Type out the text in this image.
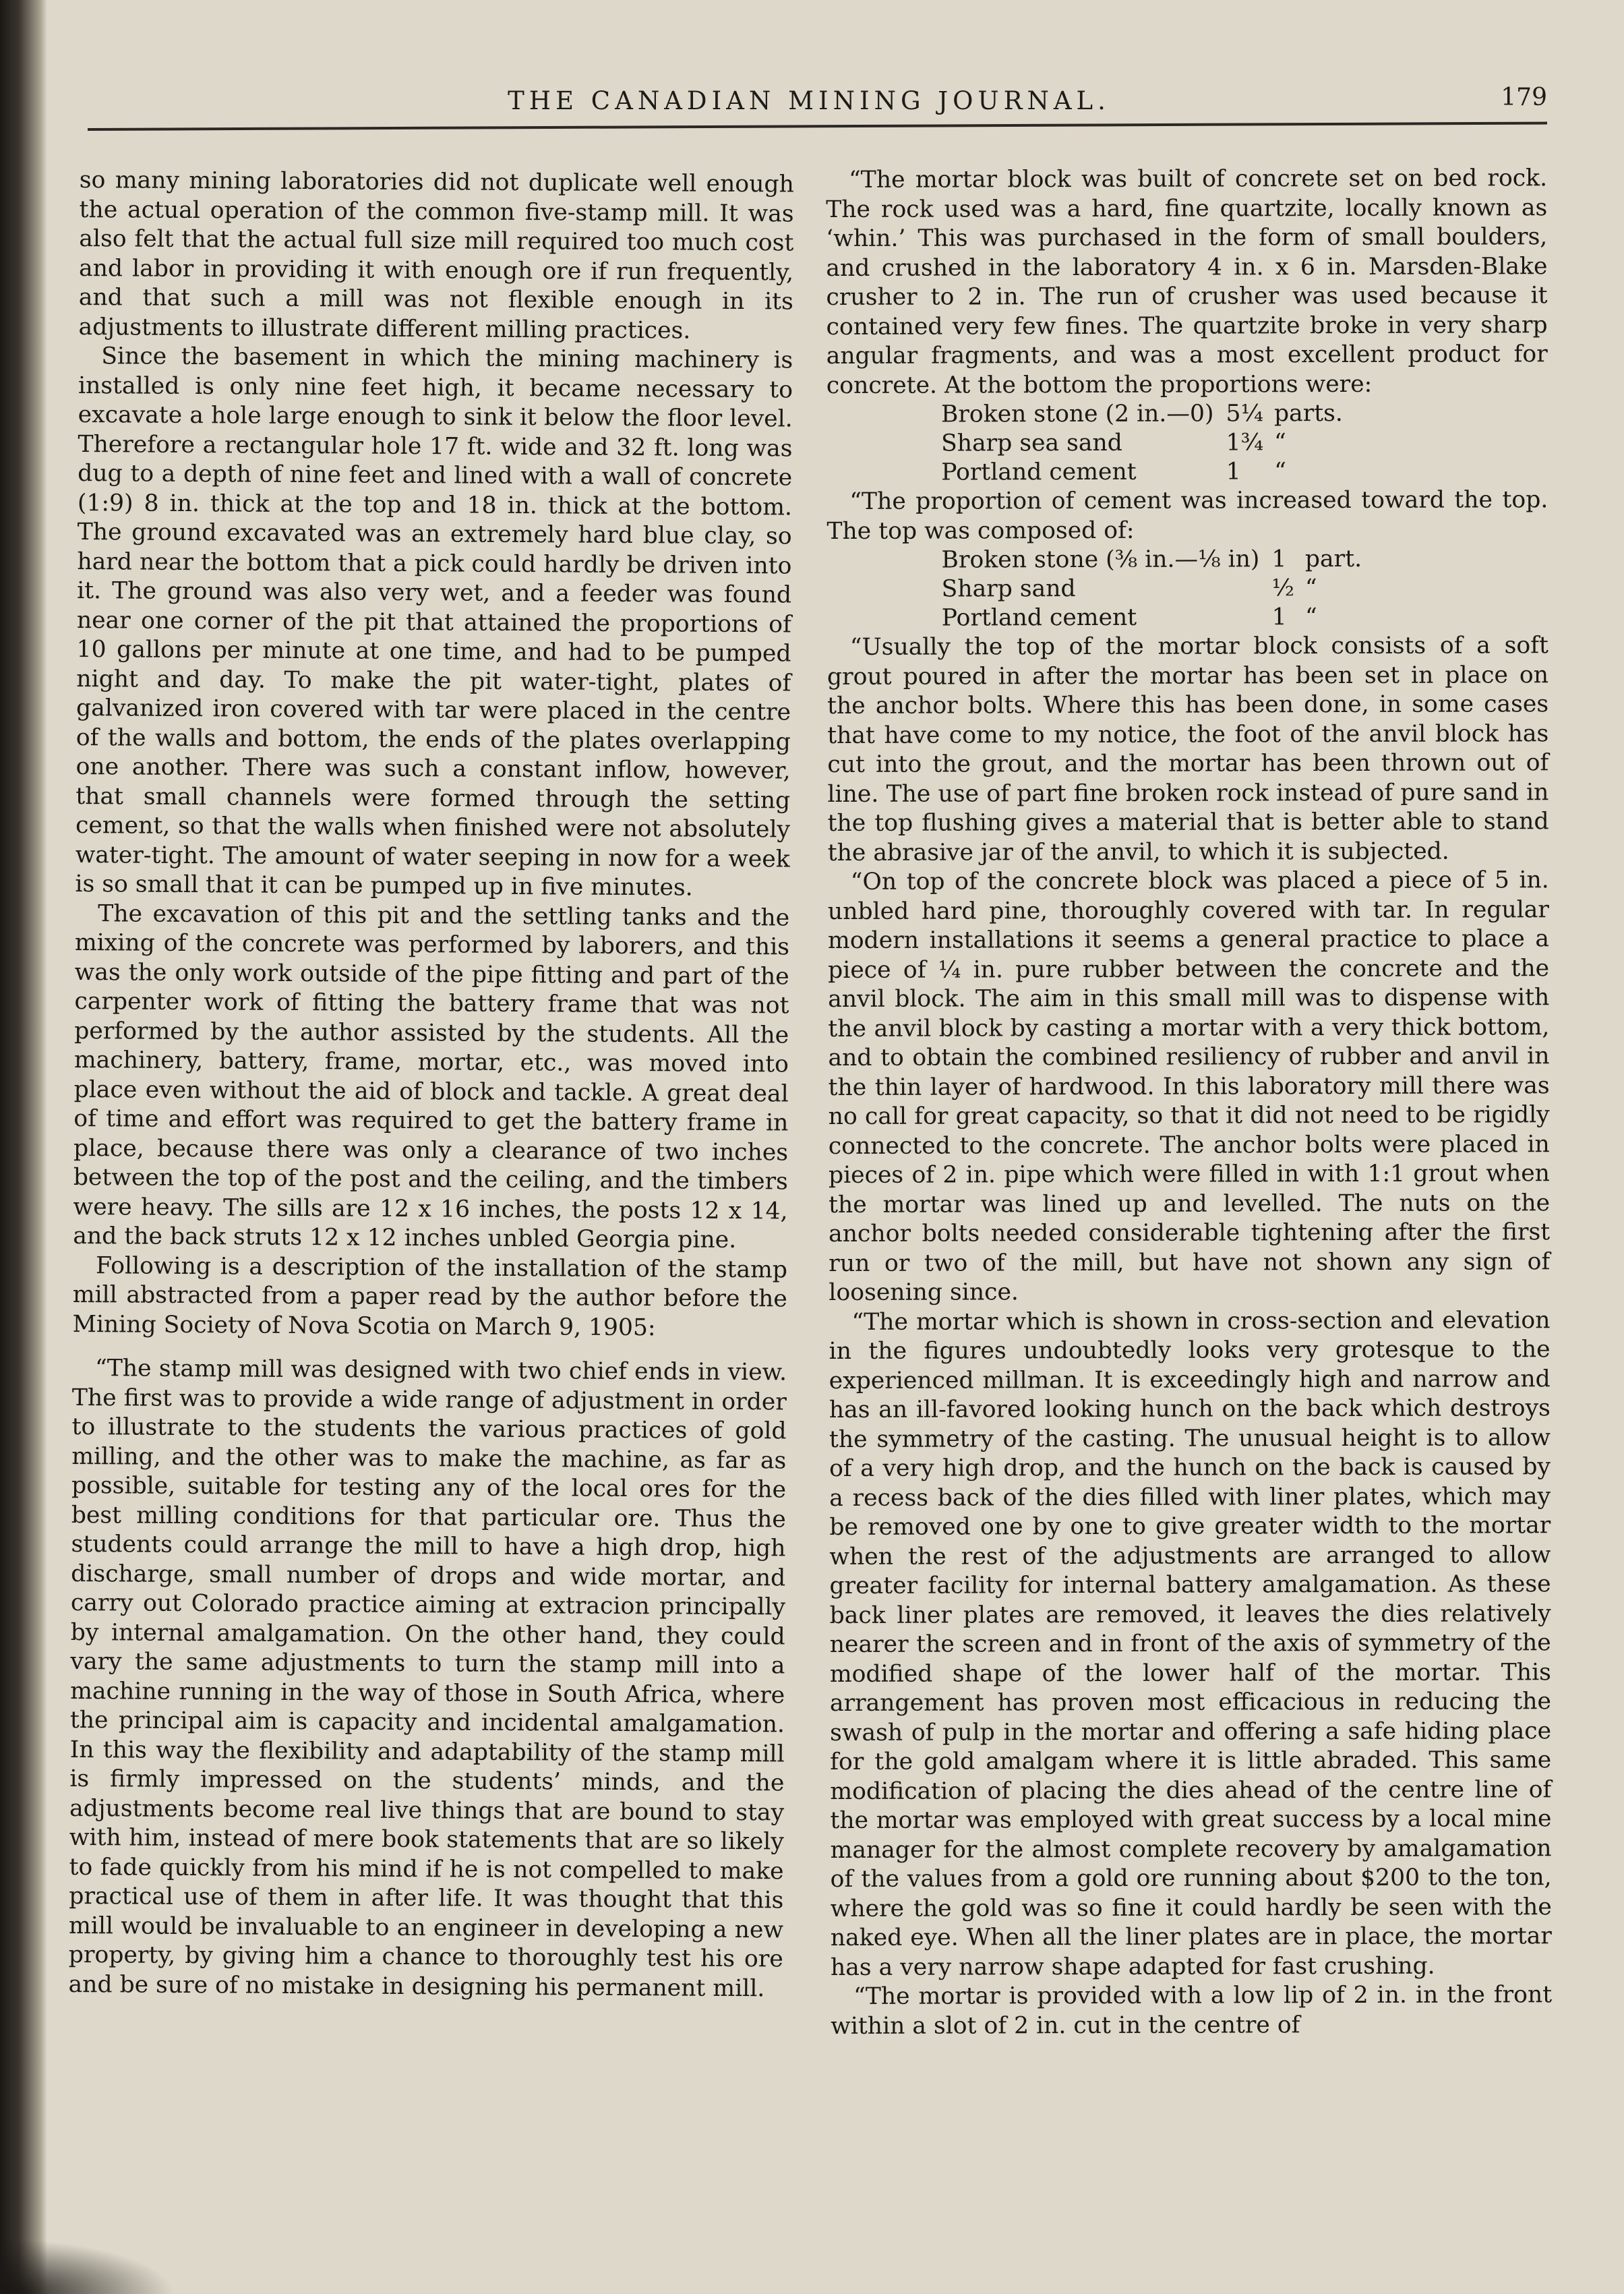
THE CANADIAN MINING JOURNAL.	179

so many mining laboratories did not duplicate well enough the actual operation of the common five-stamp mill. It was also felt that the actual full size mill required too much cost and labor in providing it with enough ore if run frequently, and that such a mill was not flexible enough in its adjustments to illustrate different milling practices.

Since the basement in which the mining machinery is installed is only nine feet high, it became necessary to excavate a hole large enough to sink it below the floor level. Therefore a rectangular hole 17 ft. wide and 32 ft. long was dug to a depth of nine feet and lined with a wall of concrete (1:9) 8 in. thick at the top and 18 in. thick at the bottom. The ground excavated was an extremely hard blue clay, so hard near the bottom that a pick could hardly be driven into it. The ground was also very wet, and a feeder was found near one corner of the pit that attained the proportions of 10 gallons per minute at one time, and had to be pumped night and day. To make the pit water-tight, plates of galvanized iron covered with tar were placed in the centre of the walls and bottom, the ends of the plates overlapping one another. There was such a constant inflow, however, that small channels were formed through the setting cement, so that the walls when finished were not absolutely water-tight. The amount of water seeping in now for a week is so small that it can be pumped up in five minutes.

The excavation of this pit and the settling tanks and the mixing of the concrete was performed by laborers, and this was the only work outside of the pipe fitting and part of the carpenter work of fitting the battery frame that was not performed by the author assisted by the students. All the machinery, battery, frame, mortar, etc., was moved into place even without the aid of block and tackle. A great deal of time and effort was required to get the battery frame in place, because there was only a clearance of two inches between the top of the post and the ceiling, and the timbers were heavy. The sills are 12 x 16 inches, the posts 12 x 14, and the back struts 12 x 12 inches unbled Georgia pine.

Following is a description of the installation of the stamp mill abstracted from a paper read by the author before the Mining Society of Nova Scotia on March 9, 1905:

“The stamp mill was designed with two chief ends in view. The first was to provide a wide range of adjustment in order to illustrate to the students the various practices of gold milling, and the other was to make the machine, as far as possible, suitable for testing any of the local ores for the best milling conditions for that particular ore. Thus the students could arrange the mill to have a high drop, high discharge, small number of drops and wide mortar, and carry out Colorado practice aiming at extracion principally by internal amalgamation. On the other hand, they could vary the same adjustments to turn the stamp mill into a machine running in the way of those in South Africa, where the principal aim is capacity and incidental amalgamation. In this way the flexibility and adaptability of the stamp mill is firmly impressed on the students’ minds, and the adjustments become real live things that are bound to stay with him, instead of mere book statements that are so likely to fade quickly from his mind if he is not compelled to make practical use of them in after life. It was thought that this mill would be invaluable to an engineer in developing a new property, by giving him a chance to thoroughly test his ore and be sure of no mistake in designing his permanent mill.

“The mortar block was built of concrete set on bed rock. The rock used was a hard, fine quartzite, locally known as ‘whin.’ This was purchased in the form of small boulders, and crushed in the laboratory 4 in. x 6 in. Marsden-Blake crusher to 2 in. The run of crusher was used because it contained very few fines. The quartzite broke in very sharp angular fragments, and was a most excellent product for concrete. At the bottom the proportions were:

Broken stone (2 in.—0)	5¼	parts.
Sharp sea sand	1¾	“
Portland cement	1	“

“The proportion of cement was increased toward the top. The top was composed of:

Broken stone (⅜ in.—⅛ in)	1	part.
Sharp sand	½	“
Portland cement	1	“

“Usually the top of the mortar block consists of a soft grout poured in after the mortar has been set in place on the anchor bolts. Where this has been done, in some cases that have come to my notice, the foot of the anvil block has cut into the grout, and the mortar has been thrown out of line. The use of part fine broken rock instead of pure sand in the top flushing gives a material that is better able to stand the abrasive jar of the anvil, to which it is subjected.

“On top of the concrete block was placed a piece of 5 in. unbled hard pine, thoroughly covered with tar. In regular modern installations it seems a general practice to place a piece of ¼ in. pure rubber between the concrete and the anvil block. The aim in this small mill was to dispense with the anvil block by casting a mortar with a very thick bottom, and to obtain the combined resiliency of rubber and anvil in the thin layer of hardwood. In this laboratory mill there was no call for great capacity, so that it did not need to be rigidly connected to the concrete. The anchor bolts were placed in pieces of 2 in. pipe which were filled in with 1:1 grout when the mortar was lined up and levelled. The nuts on the anchor bolts needed considerable tightening after the first run or two of the mill, but have not shown any sign of loosening since.

“The mortar which is shown in cross-section and elevation in the figures undoubtedly looks very grotesque to the experienced millman. It is exceedingly high and narrow and has an ill-favored looking hunch on the back which destroys the symmetry of the casting. The unusual height is to allow of a very high drop, and the hunch on the back is caused by a recess back of the dies filled with liner plates, which may be removed one by one to give greater width to the mortar when the rest of the adjustments are arranged to allow greater facility for internal battery amalgamation. As these back liner plates are removed, it leaves the dies relatively nearer the screen and in front of the axis of symmetry of the modified shape of the lower half of the mortar. This arrangement has proven most efficacious in reducing the swash of pulp in the mortar and offering a safe hiding place for the gold amalgam where it is little abraded. This same modification of placing the dies ahead of the centre line of the mortar was employed with great success by a local mine manager for the almost complete recovery by amalgamation of the values from a gold ore running about $200 to the ton, where the gold was so fine it could hardly be seen with the naked eye. When all the liner plates are in place, the mortar has a very narrow shape adapted for fast crushing.

“The mortar is provided with a low lip of 2 in. in the front within a slot of 2 in. cut in the centre of
